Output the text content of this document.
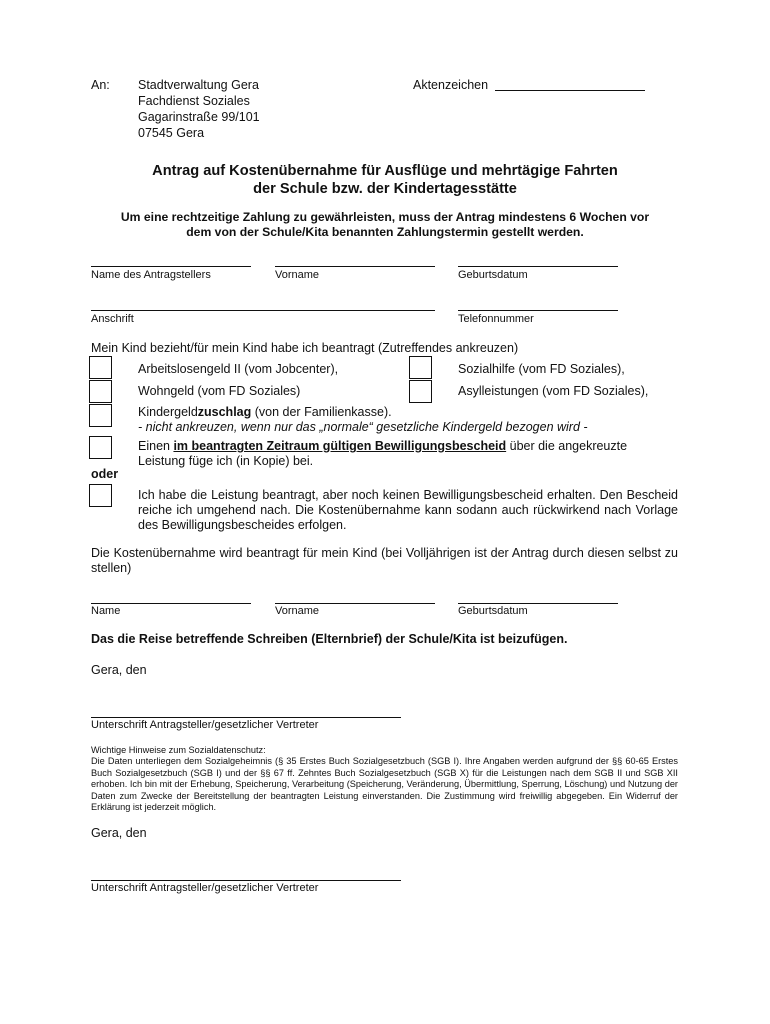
An: Stadtverwaltung Gera
Fachdienst Soziales
Gagarinstraße 99/101
07545 Gera
Aktenzeichen
Antrag auf Kostenübernahme für Ausflüge und mehrtägige Fahrten
der Schule bzw. der Kindertagesstätte
Um eine rechtzeitige Zahlung zu gewährleisten, muss der Antrag mindestens 6 Wochen vor
dem von der Schule/Kita benannten Zahlungstermin gestellt werden.
Name des Antragstellers	Vorname	Geburtsdatum
Anschrift	Telefonnummer
Mein Kind bezieht/für mein Kind habe ich beantragt (Zutreffendes ankreuzen)
Arbeitslosengeld II (vom Jobcenter),	Sozialhilfe (vom FD Soziales),
Wohngeld (vom FD Soziales)	Asylleistungen (vom FD Soziales),
Kindergeldzuschlag (von der Familienkasse).
- nicht ankreuzen, wenn nur das „normale“ gesetzliche Kindergeld bezogen wird -
Einen im beantragten Zeitraum gültigen Bewilligungsbescheid über die angekreuzte
Leistung füge ich (in Kopie) bei.
oder
Ich habe die Leistung beantragt, aber noch keinen Bewilligungsbescheid erhalten. Den Bescheid reiche ich umgehend nach. Die Kostenübernahme kann sodann auch rückwirkend nach Vorlage des Bewilligungsbescheides erfolgen.
Die Kostenübernahme wird beantragt für mein Kind (bei Volljährigen ist der Antrag durch diesen selbst zu stellen)
Name	Vorname	Geburtsdatum
Das die Reise betreffende Schreiben (Elternbrief) der Schule/Kita ist beizufügen.
Gera, den
Unterschrift Antragsteller/gesetzlicher Vertreter
Wichtige Hinweise zum Sozialdatenschutz:
Die Daten unterliegen dem Sozialgeheimnis (§ 35 Erstes Buch Sozialgesetzbuch (SGB I). Ihre Angaben werden aufgrund der §§ 60-65 Erstes Buch Sozialgesetzbuch (SGB I) und der §§ 67 ff. Zehntes Buch Sozialgesetzbuch (SGB X) für die Leistungen nach dem SGB II und SGB XII erhoben. Ich bin mit der Erhebung, Speicherung, Verarbeitung (Speicherung, Veränderung, Übermittlung, Sperrung, Löschung) und Nutzung der Daten zum Zwecke der Bereitstellung der beantragten Leistung einverstanden. Die Zustimmung wird freiwillig abgegeben. Ein Widerruf der Erklärung ist jederzeit möglich.
Gera, den
Unterschrift Antragsteller/gesetzlicher Vertreter
